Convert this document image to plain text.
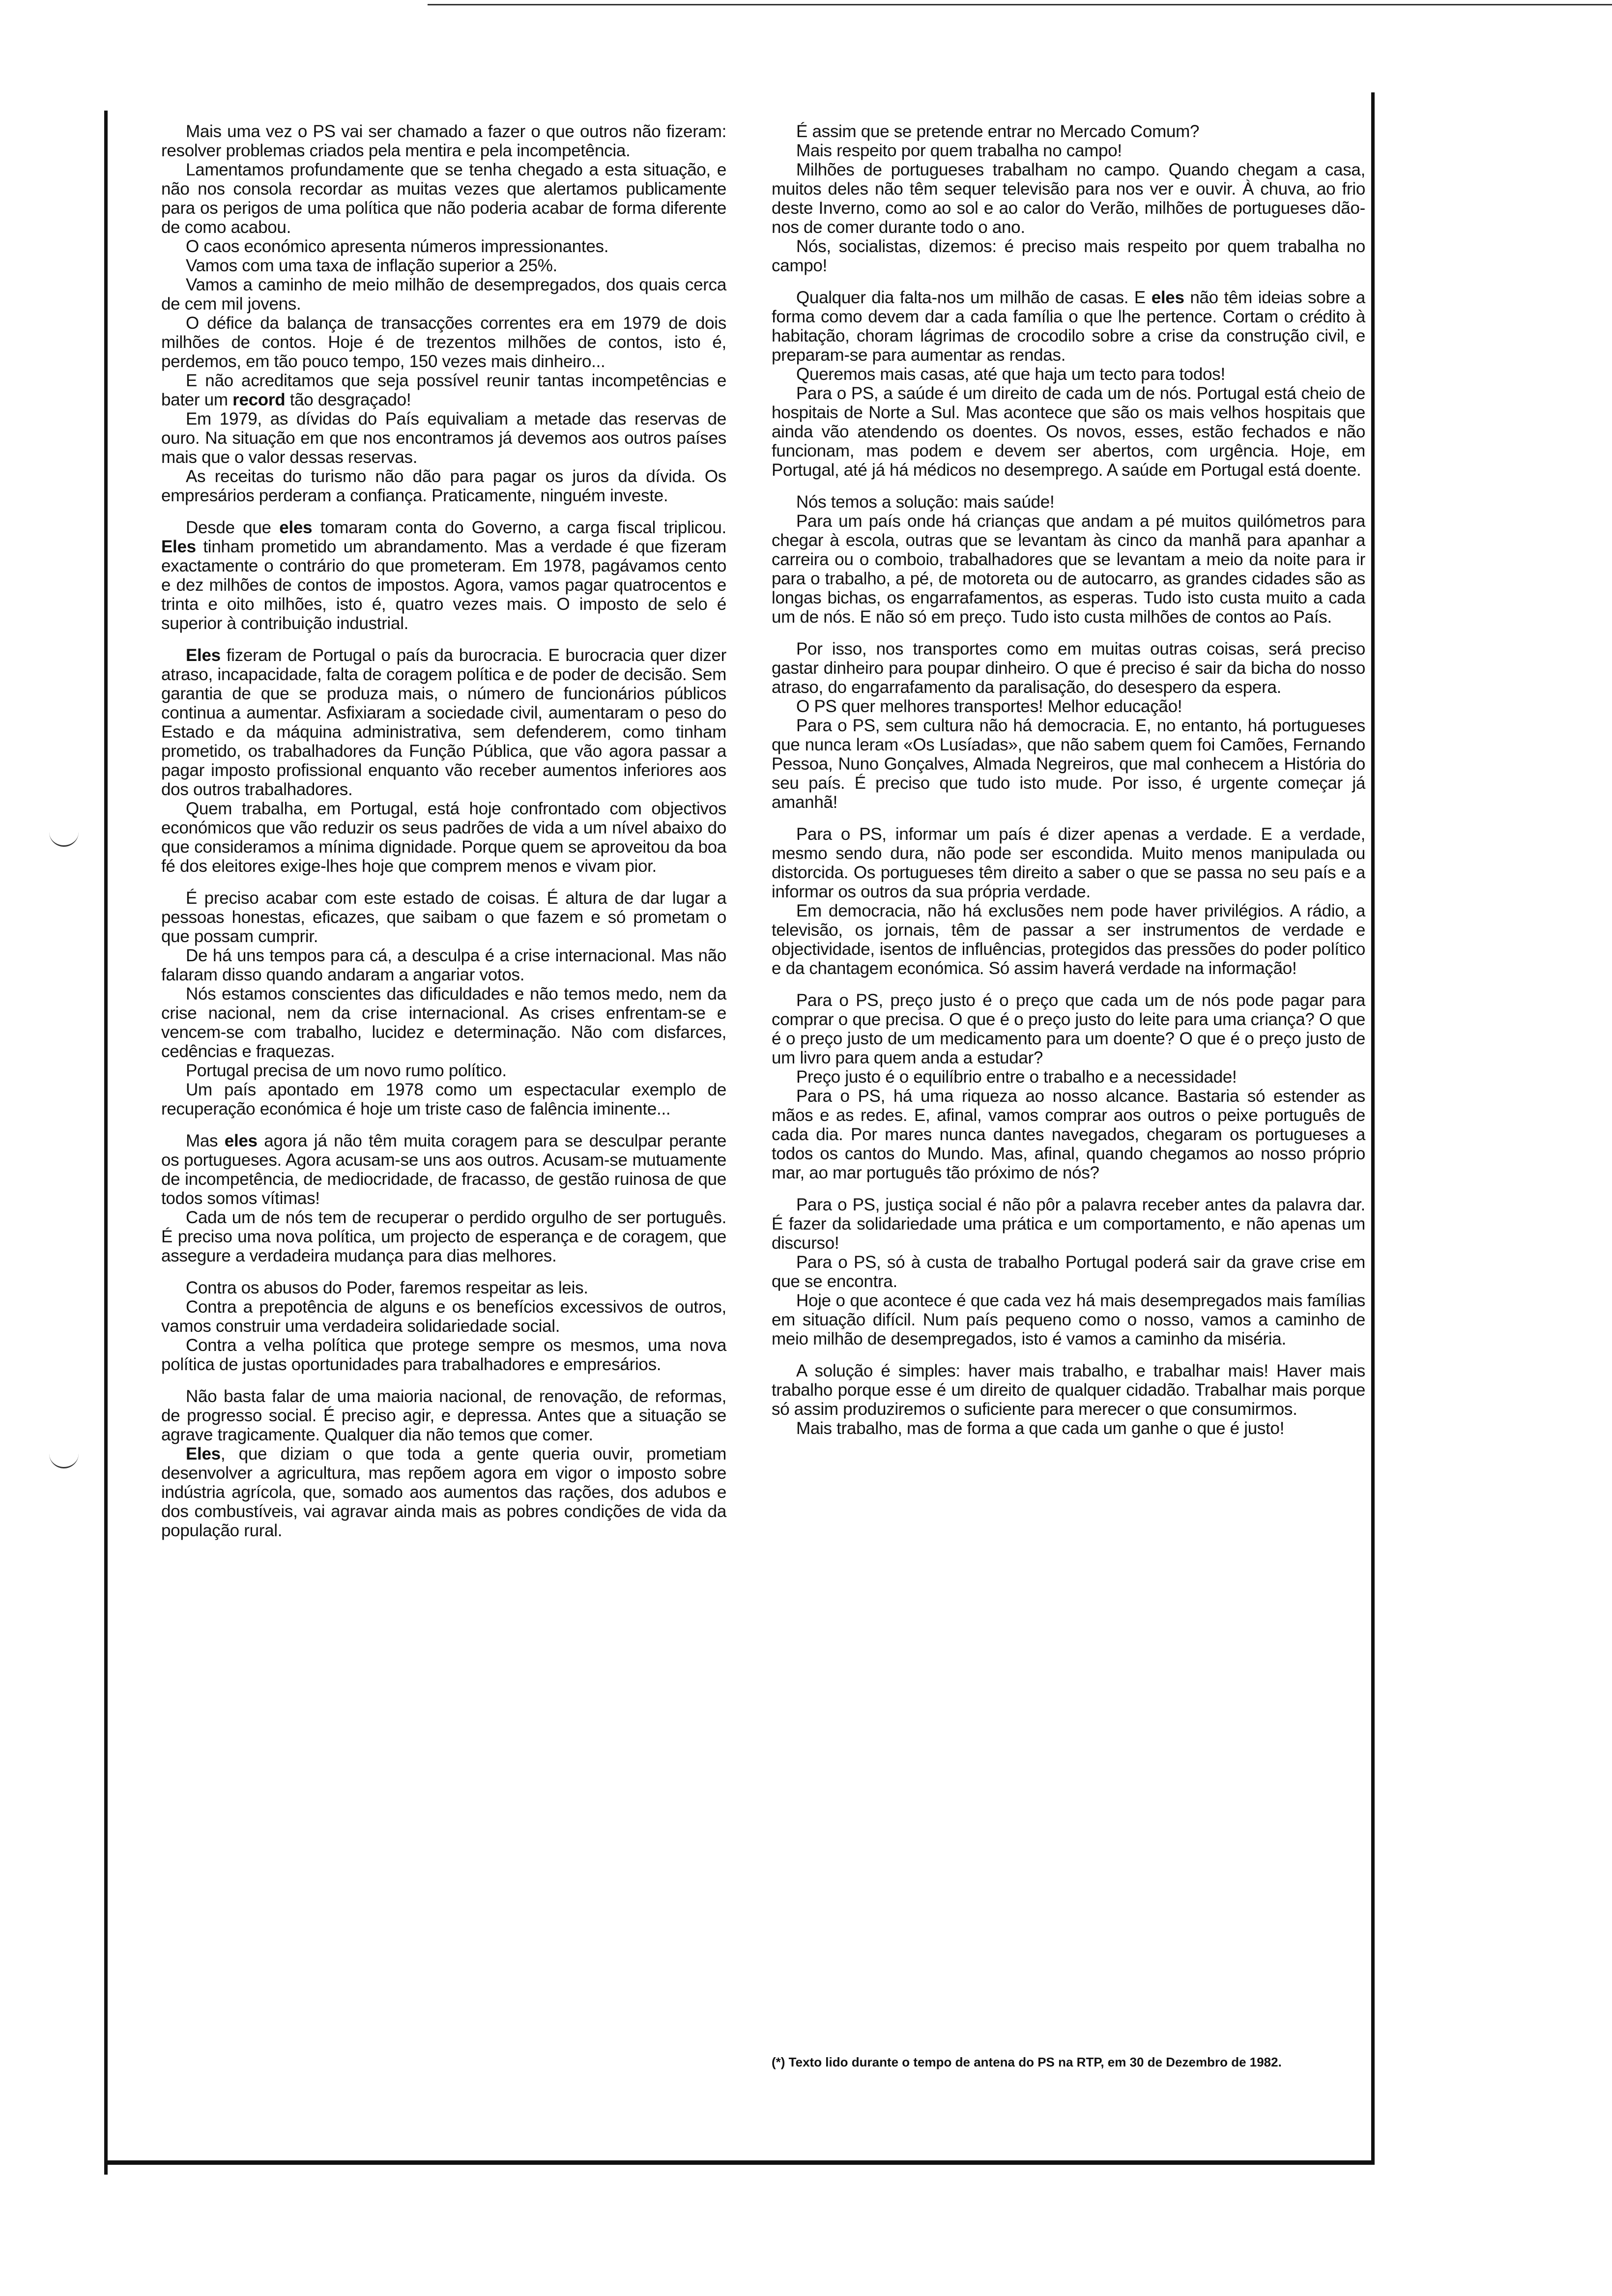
Mais uma vez o PS vai ser chamado a fazer o que outros não fizeram: resolver problemas criados pela mentira e pela incompetência.

Lamentamos profundamente que se tenha chegado a esta situação, e não nos consola recordar as muitas vezes que alertamos publicamente para os perigos de uma política que não poderia acabar de forma diferente de como acabou.

O caos económico apresenta números impressionantes.

Vamos com uma taxa de inflação superior a 25%.

Vamos a caminho de meio milhão de desempregados, dos quais cerca de cem mil jovens.

O défice da balança de transacções correntes era em 1979 de dois milhões de contos. Hoje é de trezentos milhões de contos, isto é, perdemos, em tão pouco tempo, 150 vezes mais dinheiro...

E não acreditamos que seja possível reunir tantas incompetências e bater um record tão desgraçado!

Em 1979, as dívidas do País equivaliam a metade das reservas de ouro. Na situação em que nos encontramos já devemos aos outros países mais que o valor dessas reservas.

As receitas do turismo não dão para pagar os juros da dívida. Os empresários perderam a confiança. Praticamente, ninguém investe.

Desde que eles tomaram conta do Governo, a carga fiscal triplicou. Eles tinham prometido um abrandamento. Mas a verdade é que fizeram exactamente o contrário do que prometeram. Em 1978, pagávamos cento e dez milhões de contos de impostos. Agora, vamos pagar quatrocentos e trinta e oito milhões, isto é, quatro vezes mais. O imposto de selo é superior à contribuição industrial.

Eles fizeram de Portugal o país da burocracia. E burocracia quer dizer atraso, incapacidade, falta de coragem política e de poder de decisão. Sem garantia de que se produza mais, o número de funcionários públicos continua a aumentar. Asfixiaram a sociedade civil, aumentaram o peso do Estado e da máquina administrativa, sem defenderem, como tinham prometido, os trabalhadores da Função Pública, que vão agora passar a pagar imposto profissional enquanto vão receber aumentos inferiores aos dos outros trabalhadores.

Quem trabalha, em Portugal, está hoje confrontado com objectivos económicos que vão reduzir os seus padrões de vida a um nível abaixo do que consideramos a mínima dignidade. Porque quem se aproveitou da boa fé dos eleitores exige-lhes hoje que comprem menos e vivam pior.

É preciso acabar com este estado de coisas. É altura de dar lugar a pessoas honestas, eficazes, que saibam o que fazem e só prometam o que possam cumprir.

De há uns tempos para cá, a desculpa é a crise internacional. Mas não falaram disso quando andaram a angariar votos.

Nós estamos conscientes das dificuldades e não temos medo, nem da crise nacional, nem da crise internacional. As crises enfrentam-se e vencem-se com trabalho, lucidez e determinação. Não com disfarces, cedências e fraquezas.

Portugal precisa de um novo rumo político.

Um país apontado em 1978 como um espectacular exemplo de recuperação económica é hoje um triste caso de falência iminente...

Mas eles agora já não têm muita coragem para se desculpar perante os portugueses. Agora acusam-se uns aos outros. Acusam-se mutuamente de incompetência, de mediocridade, de fracasso, de gestão ruinosa de que todos somos vítimas!

Cada um de nós tem de recuperar o perdido orgulho de ser português. É preciso uma nova política, um projecto de esperança e de coragem, que assegure a verdadeira mudança para dias melhores.

Contra os abusos do Poder, faremos respeitar as leis.

Contra a prepotência de alguns e os benefícios excessivos de outros, vamos construir uma verdadeira solidariedade social.

Contra a velha política que protege sempre os mesmos, uma nova política de justas oportunidades para trabalhadores e empresários.

Não basta falar de uma maioria nacional, de renovação, de reformas, de progresso social. É preciso agir, e depressa. Antes que a situação se agrave tragicamente. Qualquer dia não temos que comer.

Eles, que diziam o que toda a gente queria ouvir, prometiam desenvolver a agricultura, mas repõem agora em vigor o imposto sobre indústria agrícola, que, somado aos aumentos das rações, dos adubos e dos combustíveis, vai agravar ainda mais as pobres condições de vida da população rural.

É assim que se pretende entrar no Mercado Comum?

Mais respeito por quem trabalha no campo!

Milhões de portugueses trabalham no campo. Quando chegam a casa, muitos deles não têm sequer televisão para nos ver e ouvir. À chuva, ao frio deste Inverno, como ao sol e ao calor do Verão, milhões de portugueses dão-nos de comer durante todo o ano.

Nós, socialistas, dizemos: é preciso mais respeito por quem trabalha no campo!

Qualquer dia falta-nos um milhão de casas. E eles não têm ideias sobre a forma como devem dar a cada família o que lhe pertence. Cortam o crédito à habitação, choram lágrimas de crocodilo sobre a crise da construção civil, e preparam-se para aumentar as rendas.

Queremos mais casas, até que haja um tecto para todos!

Para o PS, a saúde é um direito de cada um de nós. Portugal está cheio de hospitais de Norte a Sul. Mas acontece que são os mais velhos hospitais que ainda vão atendendo os doentes. Os novos, esses, estão fechados e não funcionam, mas podem e devem ser abertos, com urgência. Hoje, em Portugal, até já há médicos no desemprego. A saúde em Portugal está doente.

Nós temos a solução: mais saúde!

Para um país onde há crianças que andam a pé muitos quilómetros para chegar à escola, outras que se levantam às cinco da manhã para apanhar a carreira ou o comboio, trabalhadores que se levantam a meio da noite para ir para o trabalho, a pé, de motoreta ou de autocarro, as grandes cidades são as longas bichas, os engarrafamentos, as esperas. Tudo isto custa muito a cada um de nós. E não só em preço. Tudo isto custa milhões de contos ao País.

Por isso, nos transportes como em muitas outras coisas, será preciso gastar dinheiro para poupar dinheiro. O que é preciso é sair da bicha do nosso atraso, do engarrafamento da paralisação, do desespero da espera.

O PS quer melhores transportes! Melhor educação!

Para o PS, sem cultura não há democracia. E, no entanto, há portugueses que nunca leram «Os Lusíadas», que não sabem quem foi Camões, Fernando Pessoa, Nuno Gonçalves, Almada Negreiros, que mal conhecem a História do seu país. É preciso que tudo isto mude. Por isso, é urgente começar já amanhã!

Para o PS, informar um país é dizer apenas a verdade. E a verdade, mesmo sendo dura, não pode ser escondida. Muito menos manipulada ou distorcida. Os portugueses têm direito a saber o que se passa no seu país e a informar os outros da sua própria verdade.

Em democracia, não há exclusões nem pode haver privilégios. A rádio, a televisão, os jornais, têm de passar a ser instrumentos de verdade e objectividade, isentos de influências, protegidos das pressões do poder político e da chantagem económica. Só assim haverá verdade na informação!

Para o PS, preço justo é o preço que cada um de nós pode pagar para comprar o que precisa. O que é o preço justo do leite para uma criança? O que é o preço justo de um medicamento para um doente? O que é o preço justo de um livro para quem anda a estudar?

Preço justo é o equilíbrio entre o trabalho e a necessidade!

Para o PS, há uma riqueza ao nosso alcance. Bastaria só estender as mãos e as redes. E, afinal, vamos comprar aos outros o peixe português de cada dia. Por mares nunca dantes navegados, chegaram os portugueses a todos os cantos do Mundo. Mas, afinal, quando chegamos ao nosso próprio mar, ao mar português tão próximo de nós?

Para o PS, justiça social é não pôr a palavra receber antes da palavra dar. É fazer da solidariedade uma prática e um comportamento, e não apenas um discurso!

Para o PS, só à custa de trabalho Portugal poderá sair da grave crise em que se encontra.

Hoje o que acontece é que cada vez há mais desempregados mais famílias em situação difícil. Num país pequeno como o nosso, vamos a caminho de meio milhão de desempregados, isto é vamos a caminho da miséria.

A solução é simples: haver mais trabalho, e trabalhar mais! Haver mais trabalho porque esse é um direito de qualquer cidadão. Trabalhar mais porque só assim produziremos o suficiente para merecer o que consumirmos.

Mais trabalho, mas de forma a que cada um ganhe o que é justo!

(*) Texto lido durante o tempo de antena do PS na RTP, em 30 de Dezembro de 1982.
